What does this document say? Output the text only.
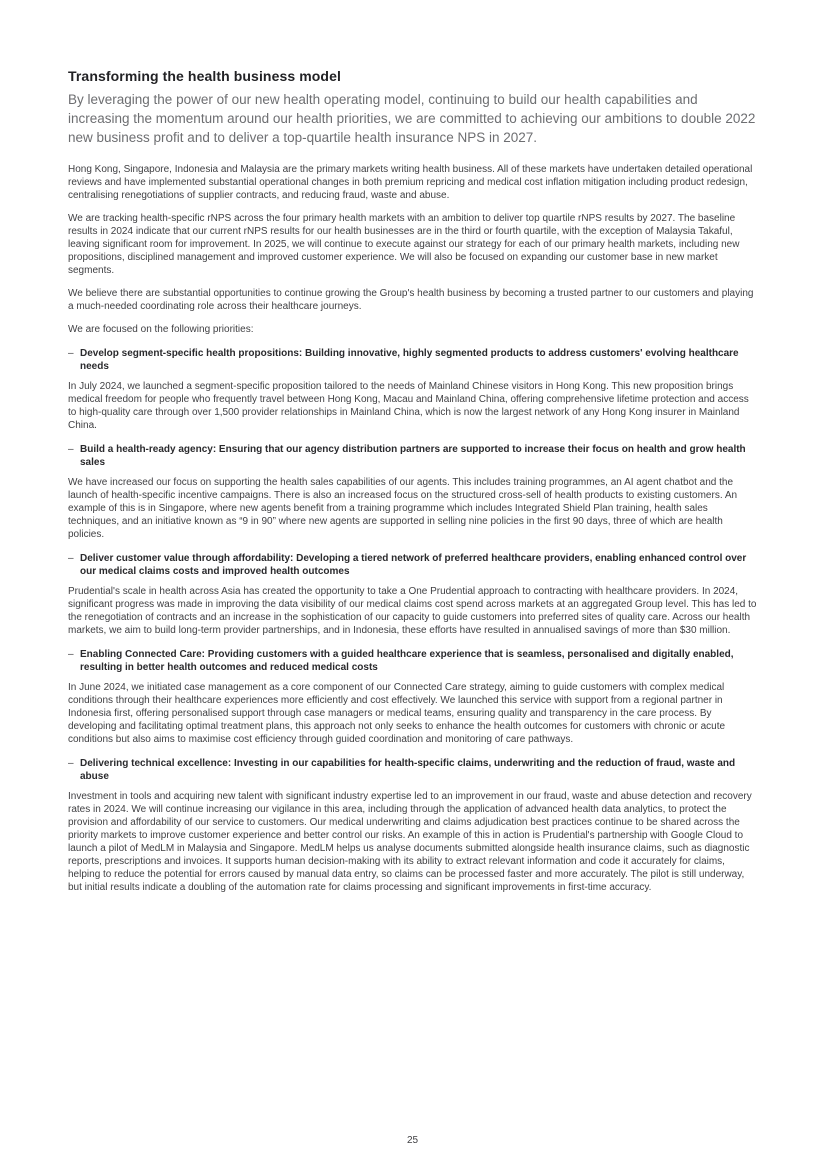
Transforming the health business model

By leveraging the power of our new health operating model, continuing to build our health capabilities and increasing the momentum around our health priorities, we are committed to achieving our ambitions to double 2022 new business profit and to deliver a top-quartile health insurance NPS in 2027.

Hong Kong, Singapore, Indonesia and Malaysia are the primary markets writing health business. All of these markets have undertaken detailed operational reviews and have implemented substantial operational changes in both premium repricing and medical cost inflation mitigation including product redesign, centralising renegotiations of supplier contracts, and reducing fraud, waste and abuse.

We are tracking health-specific rNPS across the four primary health markets with an ambition to deliver top quartile rNPS results by 2027. The baseline results in 2024 indicate that our current rNPS results for our health businesses are in the third or fourth quartile, with the exception of Malaysia Takaful, leaving significant room for improvement. In 2025, we will continue to execute against our strategy for each of our primary health markets, including new propositions, disciplined management and improved customer experience. We will also be focused on expanding our customer base in new market segments.

We believe there are substantial opportunities to continue growing the Group's health business by becoming a trusted partner to our customers and playing a much-needed coordinating role across their healthcare journeys.

We are focused on the following priorities:

– Develop segment-specific health propositions: Building innovative, highly segmented products to address customers' evolving healthcare needs

In July 2024, we launched a segment-specific proposition tailored to the needs of Mainland Chinese visitors in Hong Kong. This new proposition brings medical freedom for people who frequently travel between Hong Kong, Macau and Mainland China, offering comprehensive lifetime protection and access to high-quality care through over 1,500 provider relationships in Mainland China, which is now the largest network of any Hong Kong insurer in Mainland China.

– Build a health-ready agency: Ensuring that our agency distribution partners are supported to increase their focus on health and grow health sales

We have increased our focus on supporting the health sales capabilities of our agents. This includes training programmes, an AI agent chatbot and the launch of health-specific incentive campaigns. There is also an increased focus on the structured cross-sell of health products to existing customers. An example of this is in Singapore, where new agents benefit from a training programme which includes Integrated Shield Plan training, health sales techniques, and an initiative known as “9 in 90” where new agents are supported in selling nine policies in the first 90 days, three of which are health policies.

– Deliver customer value through affordability: Developing a tiered network of preferred healthcare providers, enabling enhanced control over our medical claims costs and improved health outcomes

Prudential's scale in health across Asia has created the opportunity to take a One Prudential approach to contracting with healthcare providers. In 2024, significant progress was made in improving the data visibility of our medical claims cost spend across markets at an aggregated Group level. This has led to the renegotiation of contracts and an increase in the sophistication of our capacity to guide customers into preferred sites of quality care. Across our health markets, we aim to build long-term provider partnerships, and in Indonesia, these efforts have resulted in annualised savings of more than $30 million.

– Enabling Connected Care: Providing customers with a guided healthcare experience that is seamless, personalised and digitally enabled, resulting in better health outcomes and reduced medical costs

In June 2024, we initiated case management as a core component of our Connected Care strategy, aiming to guide customers with complex medical conditions through their healthcare experiences more efficiently and cost effectively. We launched this service with support from a regional partner in Indonesia first, offering personalised support through case managers or medical teams, ensuring quality and transparency in the care process. By developing and facilitating optimal treatment plans, this approach not only seeks to enhance the health outcomes for customers with chronic or acute conditions but also aims to maximise cost efficiency through guided coordination and monitoring of care pathways.

– Delivering technical excellence: Investing in our capabilities for health-specific claims, underwriting and the reduction of fraud, waste and abuse

Investment in tools and acquiring new talent with significant industry expertise led to an improvement in our fraud, waste and abuse detection and recovery rates in 2024. We will continue increasing our vigilance in this area, including through the application of advanced health data analytics, to protect the provision and affordability of our service to customers. Our medical underwriting and claims adjudication best practices continue to be shared across the priority markets to improve customer experience and better control our risks. An example of this in action is Prudential's partnership with Google Cloud to launch a pilot of MedLM in Malaysia and Singapore. MedLM helps us analyse documents submitted alongside health insurance claims, such as diagnostic reports, prescriptions and invoices. It supports human decision-making with its ability to extract relevant information and code it accurately for claims, helping to reduce the potential for errors caused by manual data entry, so claims can be processed faster and more accurately. The pilot is still underway, but initial results indicate a doubling of the automation rate for claims processing and significant improvements in first-time accuracy.

25
